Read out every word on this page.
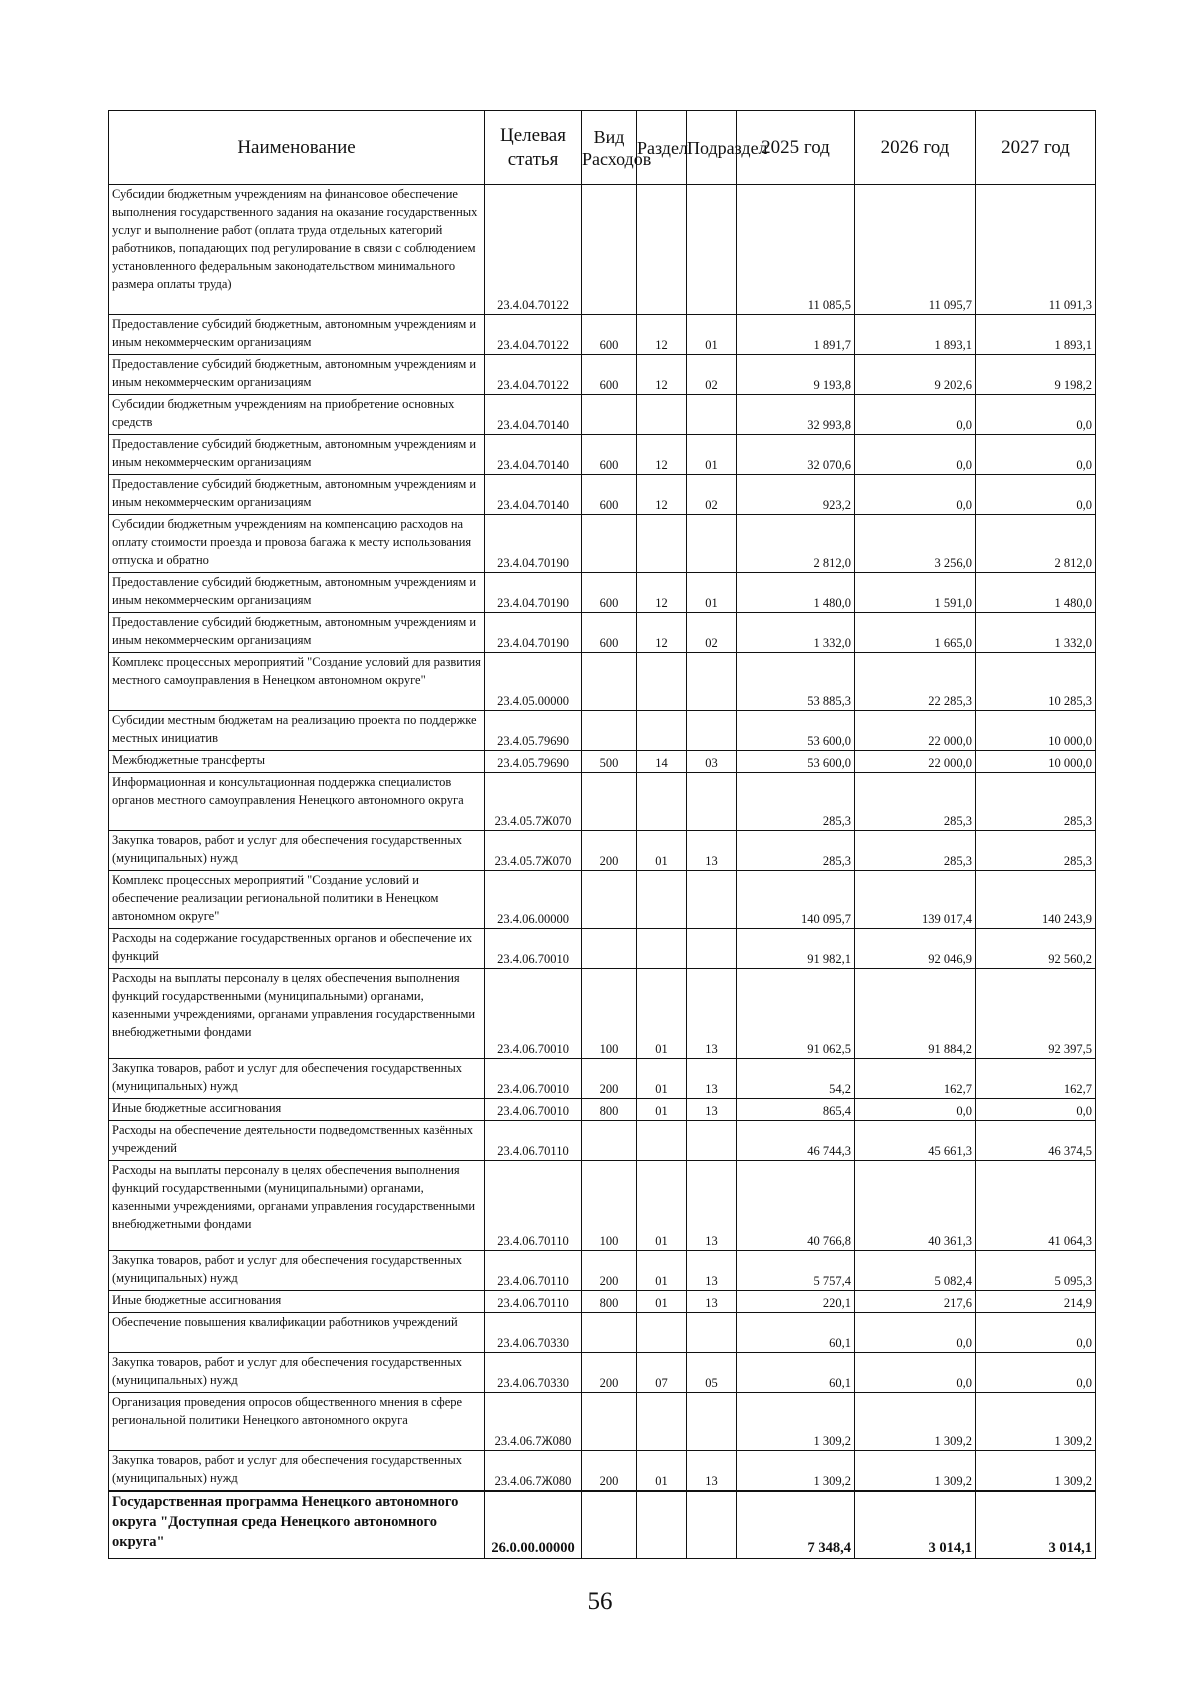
Наименование	Целевая статья	Вид Расходов	Раздел	Подраздел	2025 год	2026 год	2027 год
Субсидии бюджетным учреждениям на финансовое обеспечение выполнения государственного задания на оказание государственных услуг и выполнение работ (оплата труда отдельных категорий работников, попадающих под регулирование в связи с соблюдением установленного федеральным законодательством минимального размера оплаты труда)	23.4.04.70122				11 085,5	11 095,7	11 091,3
Предоставление субсидий бюджетным, автономным учреждениям и иным некоммерческим организациям	23.4.04.70122	600	12	01	1 891,7	1 893,1	1 893,1
Предоставление субсидий бюджетным, автономным учреждениям и иным некоммерческим организациям	23.4.04.70122	600	12	02	9 193,8	9 202,6	9 198,2
Субсидии бюджетным учреждениям на приобретение основных средств	23.4.04.70140				32 993,8	0,0	0,0
Предоставление субсидий бюджетным, автономным учреждениям и иным некоммерческим организациям	23.4.04.70140	600	12	01	32 070,6	0,0	0,0
Предоставление субсидий бюджетным, автономным учреждениям и иным некоммерческим организациям	23.4.04.70140	600	12	02	923,2	0,0	0,0
Субсидии бюджетным учреждениям на компенсацию расходов на оплату стоимости проезда и провоза багажа к месту использования отпуска и обратно	23.4.04.70190				2 812,0	3 256,0	2 812,0
Предоставление субсидий бюджетным, автономным учреждениям и иным некоммерческим организациям	23.4.04.70190	600	12	01	1 480,0	1 591,0	1 480,0
Предоставление субсидий бюджетным, автономным учреждениям и иным некоммерческим организациям	23.4.04.70190	600	12	02	1 332,0	1 665,0	1 332,0
Комплекс процессных мероприятий "Создание условий для развития местного самоуправления в Ненецком автономном округе"	23.4.05.00000				53 885,3	22 285,3	10 285,3
Субсидии местным бюджетам на реализацию проекта по поддержке местных инициатив	23.4.05.79690				53 600,0	22 000,0	10 000,0
Межбюджетные трансферты	23.4.05.79690	500	14	03	53 600,0	22 000,0	10 000,0
Информационная и консультационная поддержка специалистов органов местного самоуправления Ненецкого автономного округа	23.4.05.7Ж070				285,3	285,3	285,3
Закупка товаров, работ и услуг для обеспечения государственных (муниципальных) нужд	23.4.05.7Ж070	200	01	13	285,3	285,3	285,3
Комплекс процессных мероприятий "Создание условий и обеспечение реализации региональной политики в Ненецком автономном округе"	23.4.06.00000				140 095,7	139 017,4	140 243,9
Расходы на содержание государственных органов и обеспечение их функций	23.4.06.70010				91 982,1	92 046,9	92 560,2
Расходы на выплаты персоналу в целях обеспечения выполнения функций государственными (муниципальными) органами, казенными учреждениями, органами управления государственными внебюджетными фондами	23.4.06.70010	100	01	13	91 062,5	91 884,2	92 397,5
Закупка товаров, работ и услуг для обеспечения государственных (муниципальных) нужд	23.4.06.70010	200	01	13	54,2	162,7	162,7
Иные бюджетные ассигнования	23.4.06.70010	800	01	13	865,4	0,0	0,0
Расходы на обеспечение деятельности подведомственных казённых учреждений	23.4.06.70110				46 744,3	45 661,3	46 374,5
Расходы на выплаты персоналу в целях обеспечения выполнения функций государственными (муниципальными) органами, казенными учреждениями, органами управления государственными внебюджетными фондами	23.4.06.70110	100	01	13	40 766,8	40 361,3	41 064,3
Закупка товаров, работ и услуг для обеспечения государственных (муниципальных) нужд	23.4.06.70110	200	01	13	5 757,4	5 082,4	5 095,3
Иные бюджетные ассигнования	23.4.06.70110	800	01	13	220,1	217,6	214,9
Обеспечение повышения квалификации работников учреждений	23.4.06.70330				60,1	0,0	0,0
Закупка товаров, работ и услуг для обеспечения государственных (муниципальных) нужд	23.4.06.70330	200	07	05	60,1	0,0	0,0
Организация проведения опросов общественного мнения в сфере региональной политики Ненецкого автономного округа	23.4.06.7Ж080				1 309,2	1 309,2	1 309,2
Закупка товаров, работ и услуг для обеспечения государственных (муниципальных) нужд	23.4.06.7Ж080	200	01	13	1 309,2	1 309,2	1 309,2
Государственная программа Ненецкого автономного округа "Доступная среда Ненецкого автономного округа"	26.0.00.00000				7 348,4	3 014,1	3 014,1
56
